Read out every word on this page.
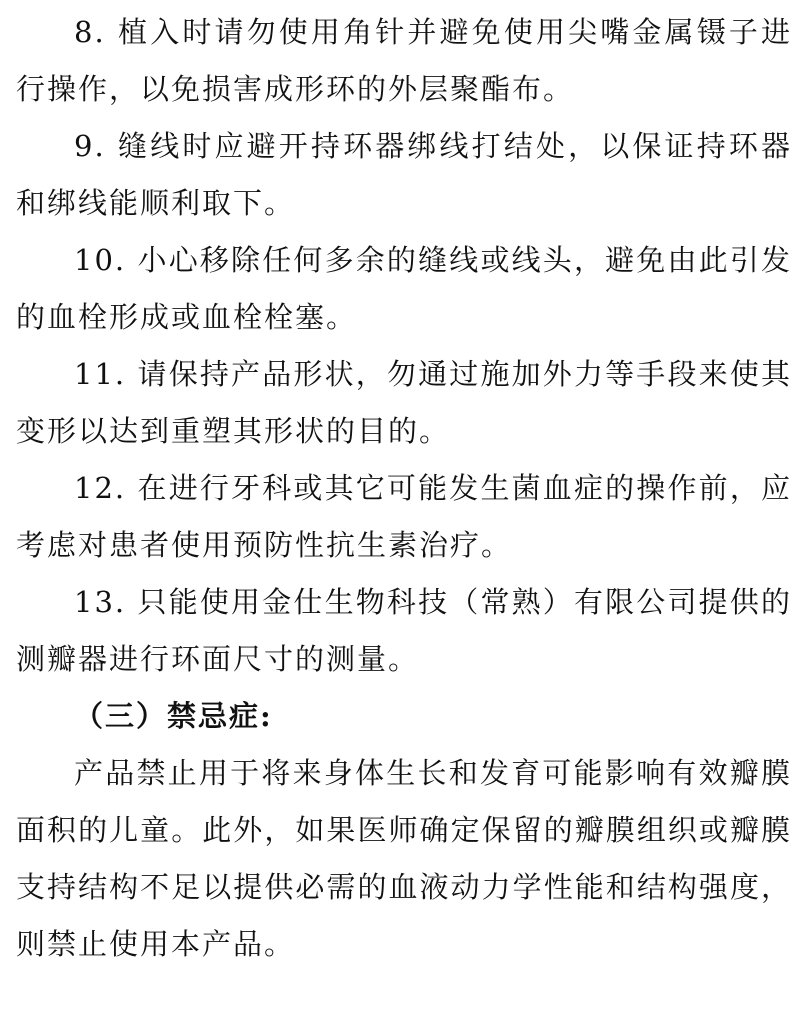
8. 植入时请勿使用角针并避免使用尖嘴金属镊子进行操作，以免损害成形环的外层聚酯布。

9. 缝线时应避开持环器绑线打结处，以保证持环器和绑线能顺利取下。

10. 小心移除任何多余的缝线或线头，避免由此引发的血栓形成或血栓栓塞。

11. 请保持产品形状，勿通过施加外力等手段来使其变形以达到重塑其形状的目的。

12. 在进行牙科或其它可能发生菌血症的操作前，应考虑对患者使用预防性抗生素治疗。

13. 只能使用金仕生物科技（常熟）有限公司提供的测瓣器进行环面尺寸的测量。

（三）禁忌症:

产品禁止用于将来身体生长和发育可能影响有效瓣膜面积的儿童。此外，如果医师确定保留的瓣膜组织或瓣膜支持结构不足以提供必需的血液动力学性能和结构强度，则禁止使用本产品。
